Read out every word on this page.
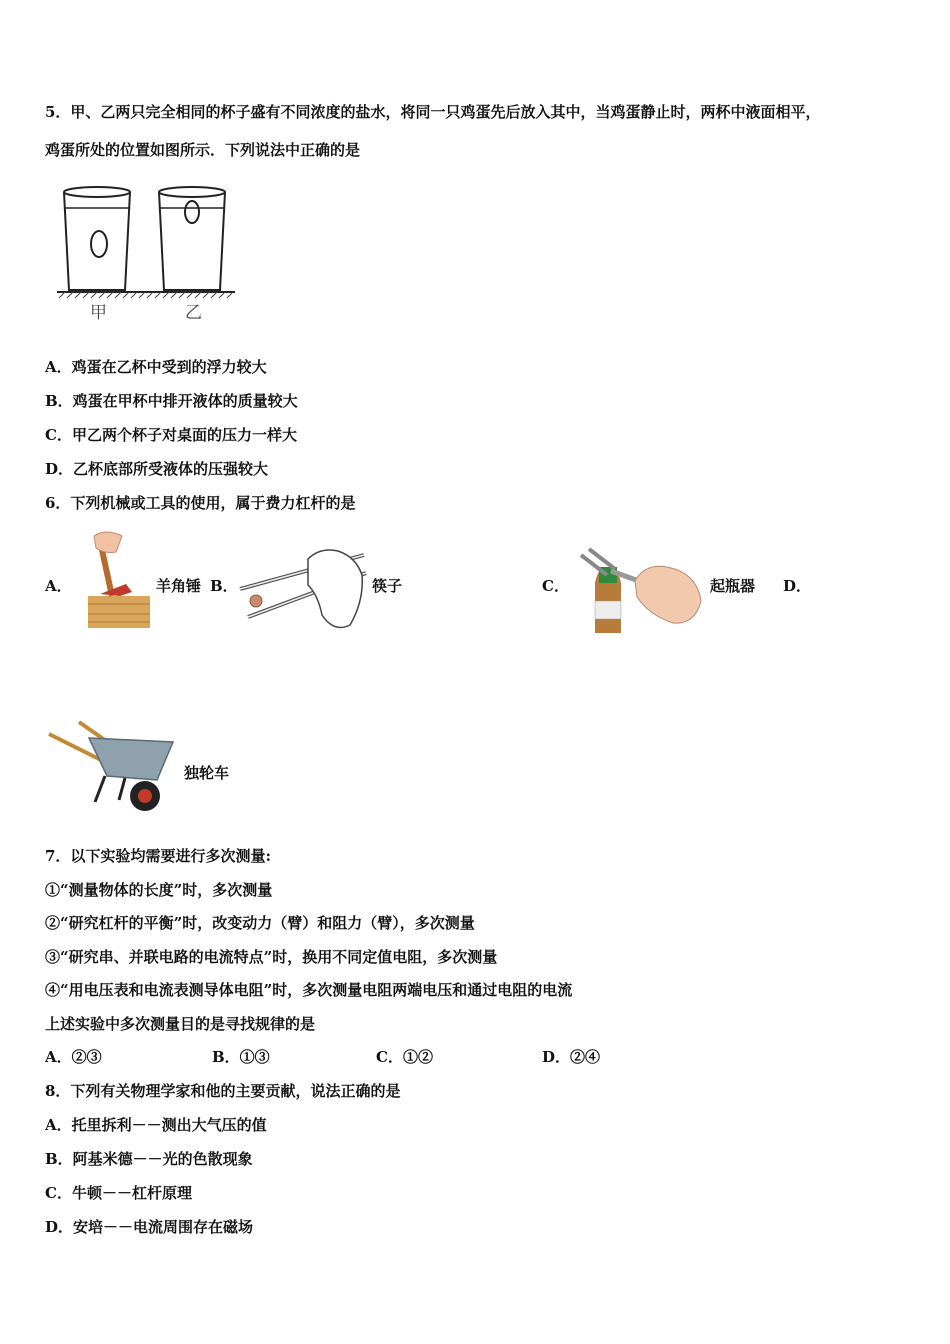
5．甲、乙两只完全相同的杯子盛有不同浓度的盐水，将同一只鸡蛋先后放入其中，当鸡蛋静止时，两杯中液面相平，
鸡蛋所处的位置如图所示．下列说法中正确的是
甲	乙
A．鸡蛋在乙杯中受到的浮力较大
B．鸡蛋在甲杯中排开液体的质量较大
C．甲乙两个杯子对桌面的压力一样大
D．乙杯底部所受液体的压强较大
6．下列机械或工具的使用，属于费力杠杆的是
A．	羊角锤 B．	筷子	C．	起瓶器 D．
独轮车
7．以下实验均需要进行多次测量:
①“测量物体的长度”时，多次测量
②“研究杠杆的平衡”时，改变动力（臂）和阻力（臂），多次测量
③“研究串、并联电路的电流特点”时，换用不同定值电阻，多次测量
④“用电压表和电流表测导体电阻”时，多次测量电阻两端电压和通过电阻的电流
上述实验中多次测量目的是寻找规律的是
A．②③	B．①③	C．①②	D．②④
8．下列有关物理学家和他的主要贡献，说法正确的是
A．托里拆利－－测出大气压的值
B．阿基米德－－光的色散现象
C．牛顿－－杠杆原理
D．安培－－电流周围存在磁场
